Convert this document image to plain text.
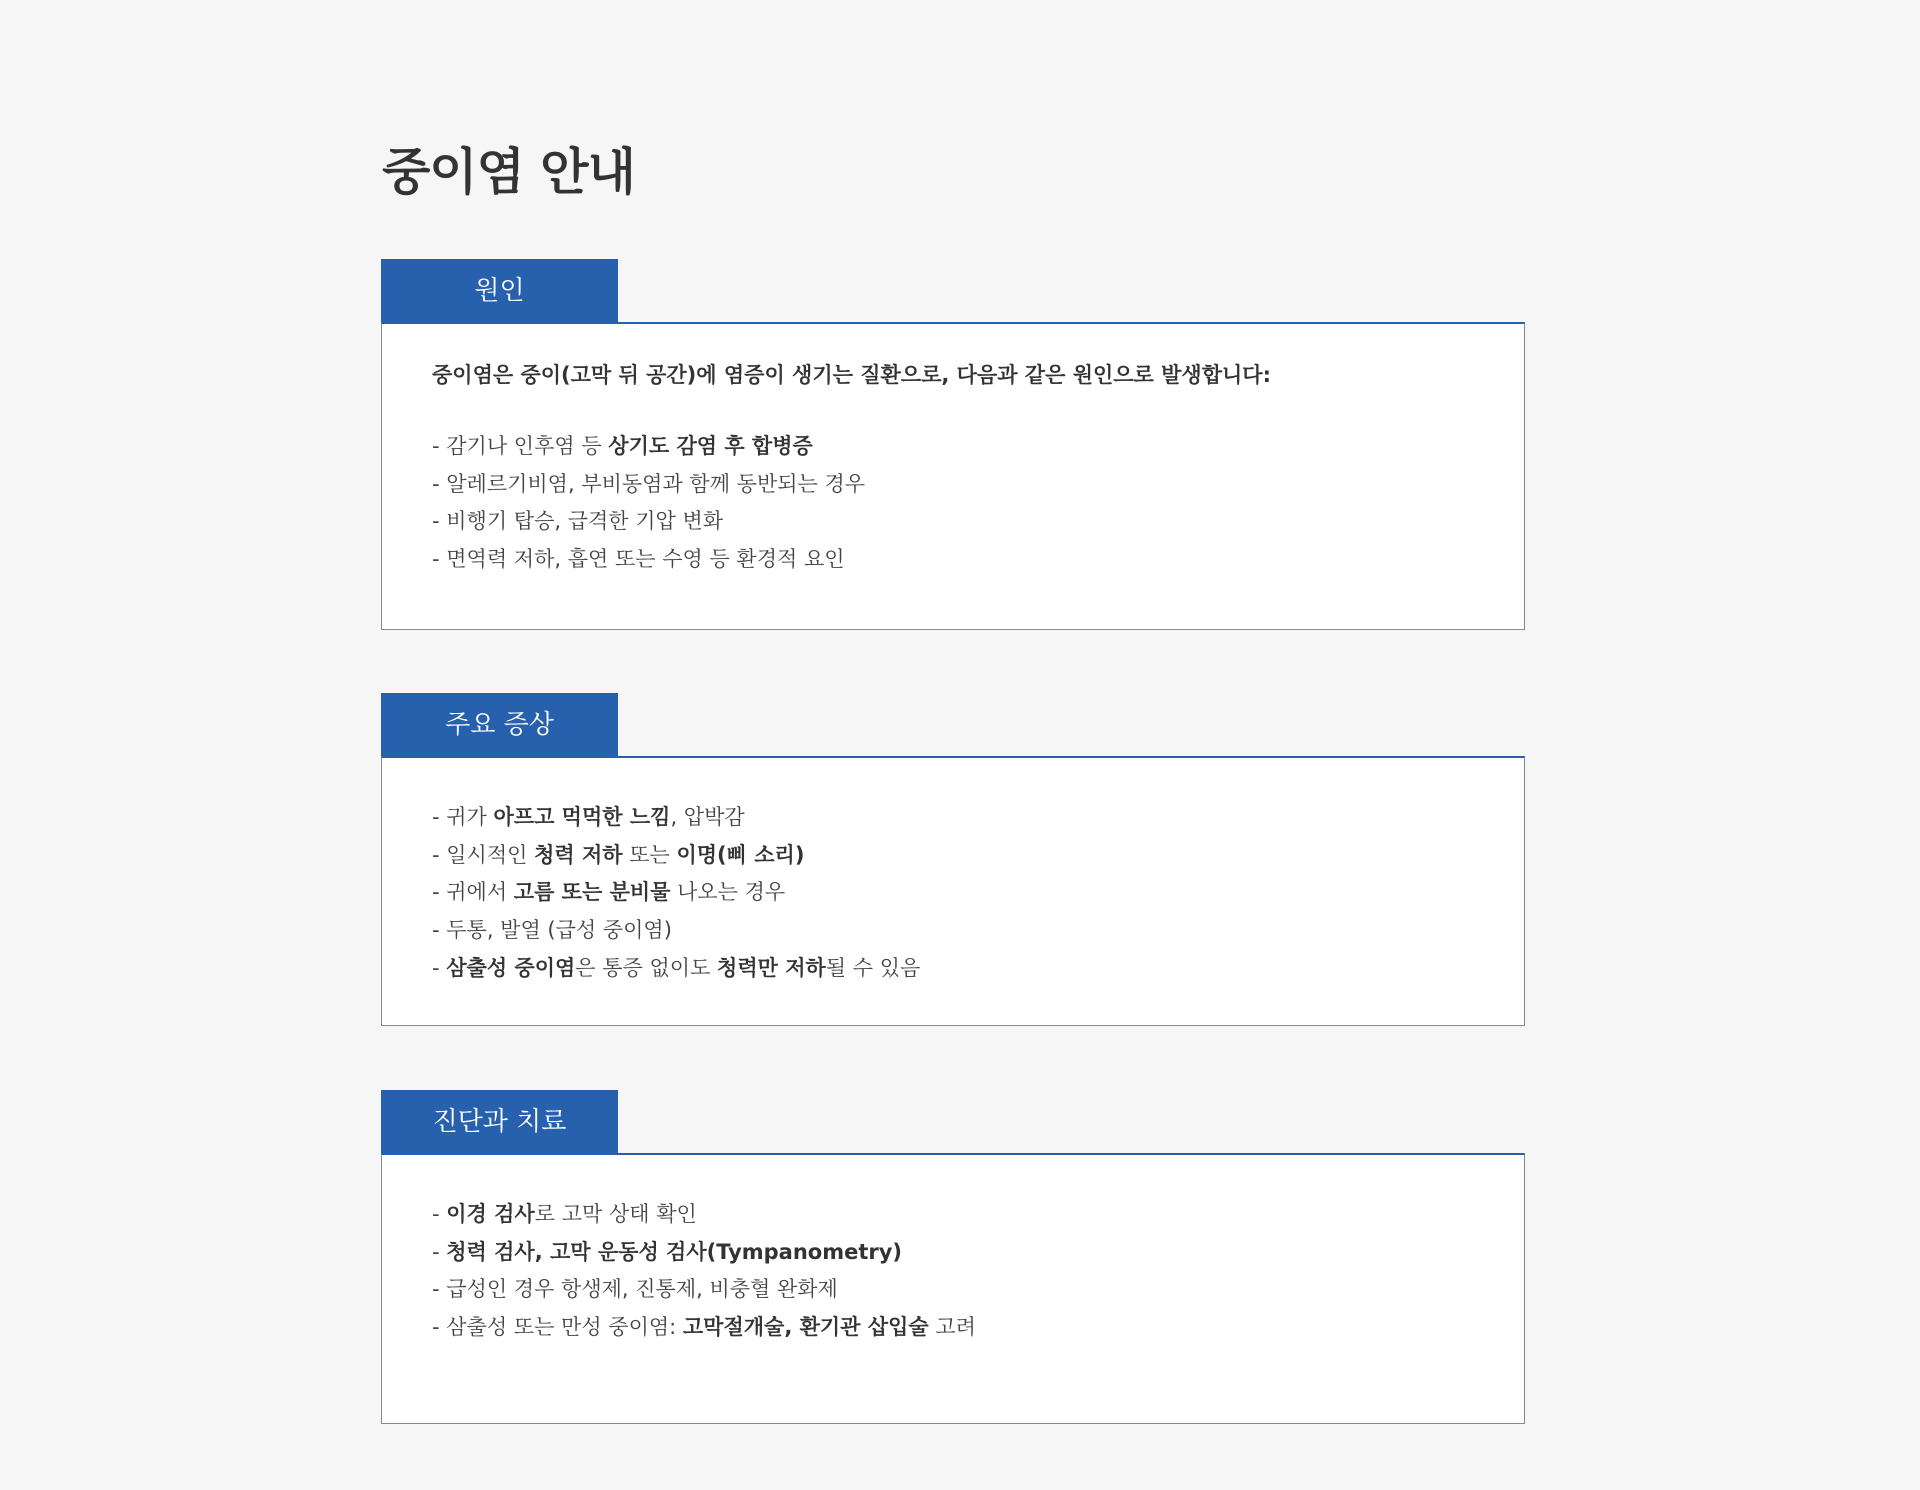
중이염 안내
원인

중이염은 중이(고막 뒤 공간)에 염증이 생기는 질환으로, 다음과 같은 원인으로 발생합니다:

- 감기나 인후염 등 상기도 감염 후 합병증
- 알레르기비염, 부비동염과 함께 동반되는 경우
- 비행기 탑승, 급격한 기압 변화
- 면역력 저하, 흡연 또는 수영 등 환경적 요인
주요 증상
- 귀가 아프고 먹먹한 느낌, 압박감
- 일시적인 청력 저하 또는 이명(삐 소리)
- 귀에서 고름 또는 분비물 나오는 경우
- 두통, 발열 (급성 중이염)
- 삼출성 중이염은 통증 없이도 청력만 저하될 수 있음
진단과 치료
- 이경 검사로 고막 상태 확인
- 청력 검사, 고막 운동성 검사(Tympanometry)
- 급성인 경우 항생제, 진통제, 비충혈 완화제
- 삼출성 또는 만성 중이염: 고막절개술, 환기관 삽입술 고려
